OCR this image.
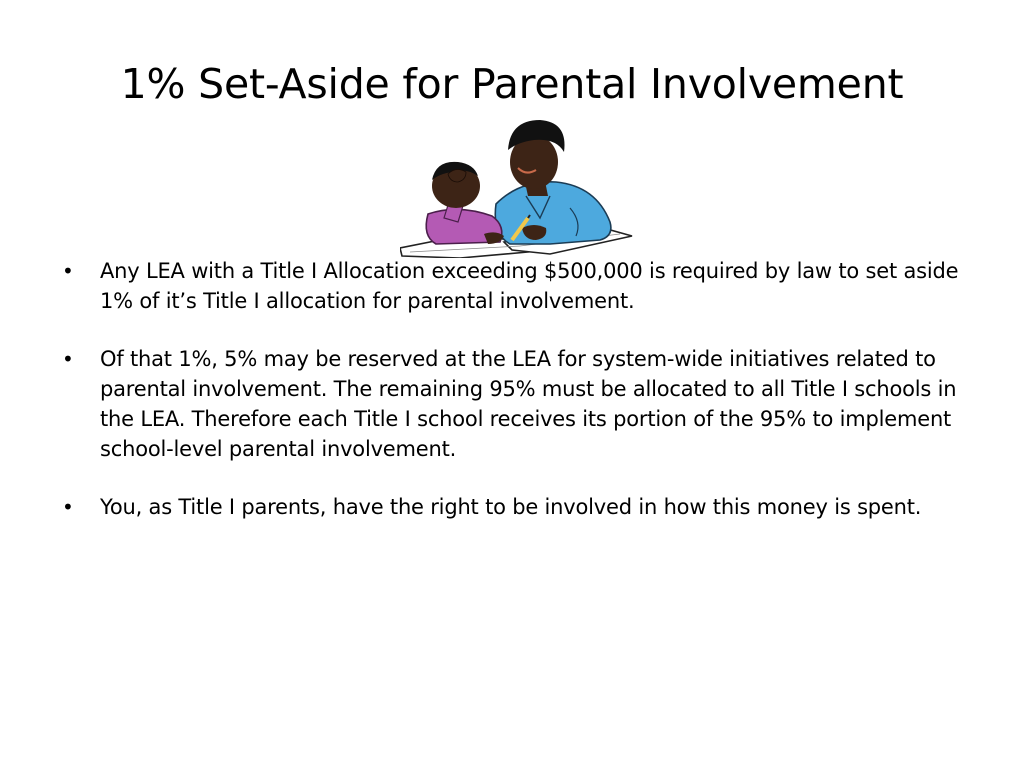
1% Set-Aside for Parental Involvement
•	Any LEA with a Title I Allocation exceeding $500,000 is required by law to set aside 1% of it’s Title I allocation for parental involvement.
•	Of that 1%, 5% may be reserved at the LEA for system-wide initiatives related to parental involvement. The remaining 95% must be allocated to all Title I schools in the LEA. Therefore each Title I school receives its portion of the 95% to implement school-level parental involvement.
•	You, as Title I parents, have the right to be involved in how this money is spent.
